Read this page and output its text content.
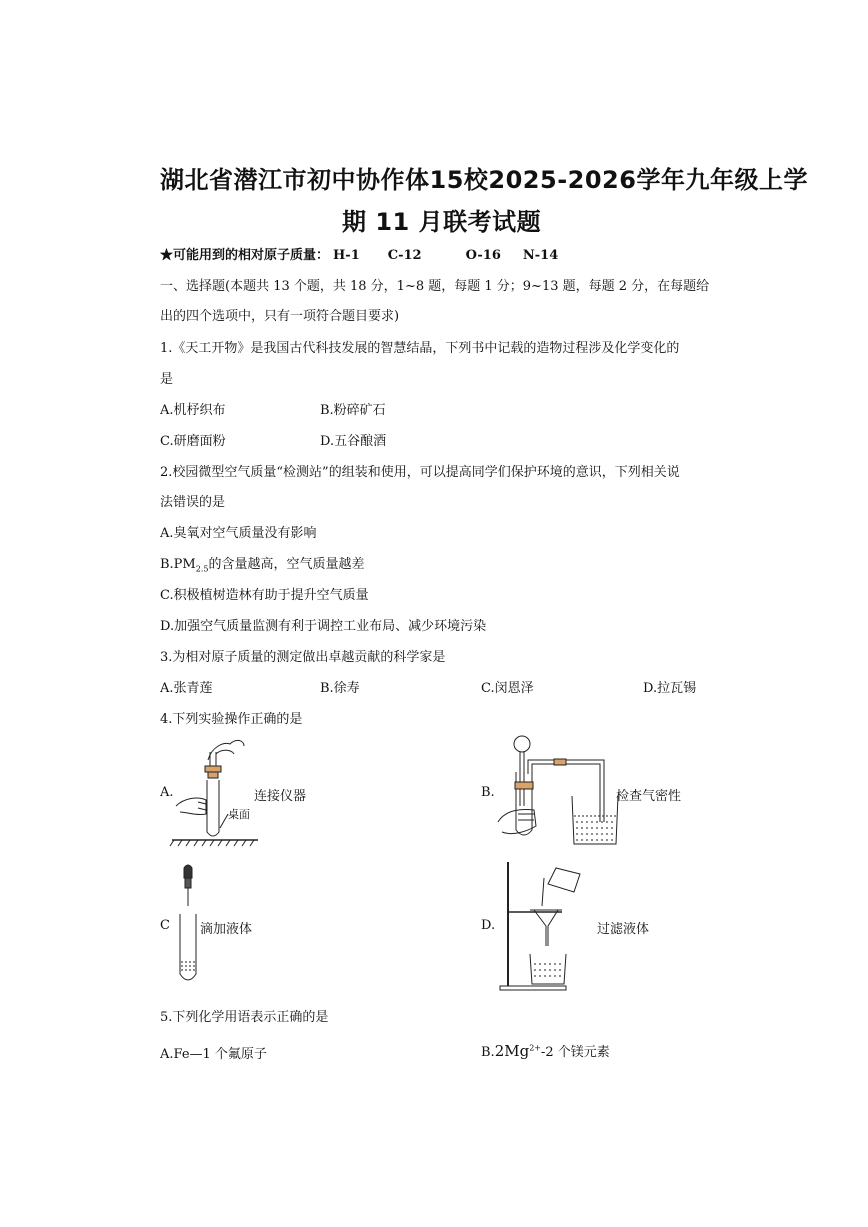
湖北省潜江市初中协作体15校2025-2026学年九年级上学
期 11 月联考试题
★可能用到的相对原子质量： H-1 C-12	O-16 N-14
一、选择题(本题共 13 个题，共 18 分，1~8 题，每题 1 分；9~13 题，每题 2 分，在每题给
出的四个选项中，只有一项符合题目要求)
1.《天工开物》是我国古代科技发展的智慧结晶，下列书中记载的造物过程涉及化学变化的
是
A.机杼织布	B.粉碎矿石
C.研磨面粉	D.五谷酿酒
2.校园微型空气质量“检测站”的组装和使用，可以提高同学们保护环境的意识，下列相关说
法错误的是
A.臭氧对空气质量没有影响
$B.PM_{2.5}$的含量越高，空气质量越差
C.积极植树造林有助于提升空气质量
D.加强空气质量监测有利于调控工业布局、减少环境污染
3.为相对原子质量的测定做出卓越贡献的科学家是
A.张青莲	B.徐寿	C.闵恩泽	D.拉瓦锡
4.下列实验操作正确的是
A.
桌面
连接仪器	B.	检查气密性
C 滴加液体	D.	过滤液体
5.下列化学用语表示正确的是
A.Fe—1 个氟原子	$B.2Mg^{2+}-2$ 个镁元素
